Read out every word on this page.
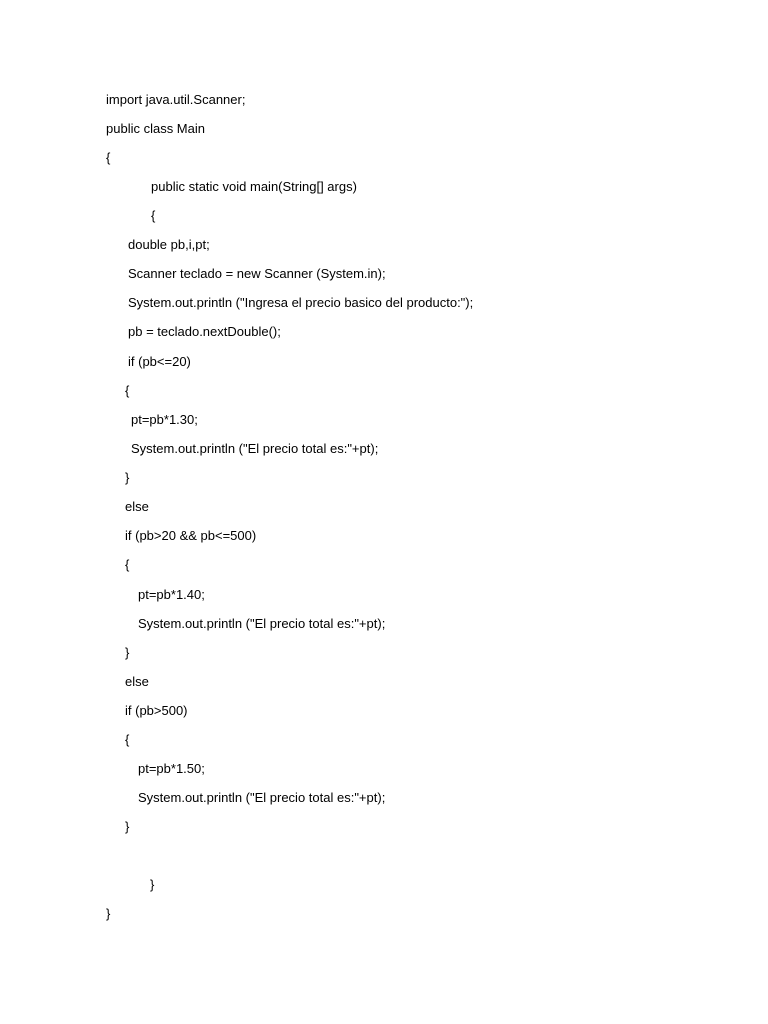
import java.util.Scanner;
public class Main
{
public static void main(String[] args)
{
double pb,i,pt;
Scanner teclado = new Scanner (System.in);
System.out.println ("Ingresa el precio basico del producto:");
pb = teclado.nextDouble();
if (pb<=20)
{
pt=pb*1.30;
System.out.println ("El precio total es:"+pt);
}
else
if (pb>20 && pb<=500)
{
pt=pb*1.40;
System.out.println ("El precio total es:"+pt);
}
else
if (pb>500)
{
pt=pb*1.50;
System.out.println ("El precio total es:"+pt);
}
}
}
